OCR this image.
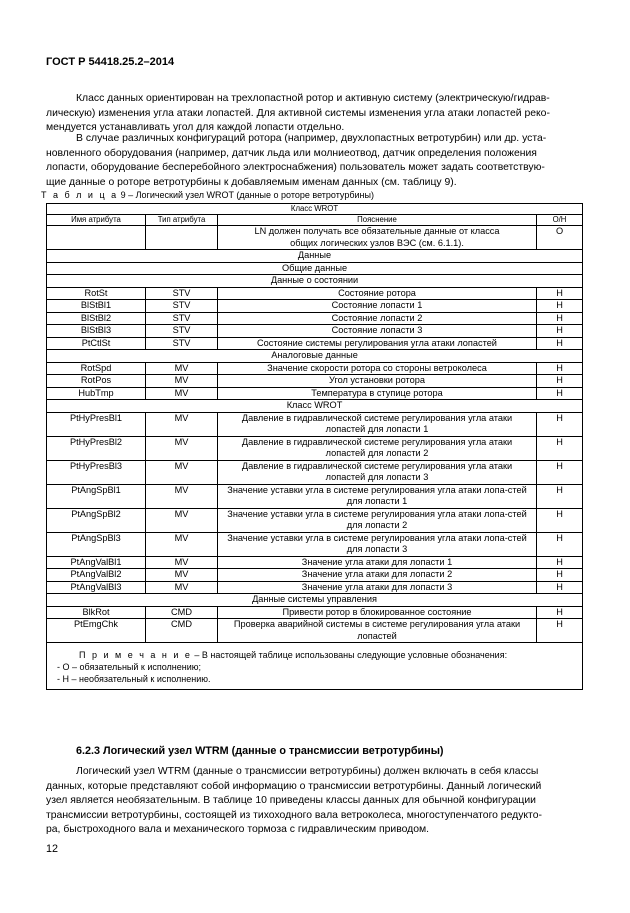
ГОСТ Р 54418.25.2–2014
Класс данных ориентирован на трехлопастной ротор и активную систему (электрическую/гидрав-
лическую) изменения угла атаки лопастей. Для активной системы изменения угла атаки лопастей реко-
мендуется устанавливать угол для каждой лопасти отдельно.
В случае различных конфигураций ротора (например, двухлопастных ветротурбин) или др. уста-
новленного оборудования (например, датчик льда или молниеотвод, датчик определения положения
лопасти, оборудование бесперебойного электроснабжения) пользователь может задать соответствую-
щие данные о роторе ветротурбины к добавляемым именам данных (см. таблицу 9).
Т а б л и ц а 9 – Логический узел WROT (данные о роторе ветротурбины)
Класс WROT			
Имя атрибута	Тип атрибута	Пояснение	О/Н
		LN должен получать все обязательные данные от класса общих логических узлов ВЭС (см. 6.1.1).	О
Данные			
Общие данные			
Данные о состоянии			
RotSt	STV	Состояние ротора	Н
BlStBl1	STV	Состояние лопасти 1	Н
BlStBl2	STV	Состояние лопасти 2	Н
BlStBl3	STV	Состояние лопасти 3	Н
PtCtlSt	STV	Состояние системы регулирования угла атаки лопастей	Н
Аналоговые данные			
RotSpd	MV	Значение скорости ротора со стороны ветроколеса	Н
RotPos	MV	Угол установки ротора	Н
HubTmp	MV	Температура в ступице ротора	Н
Класс WROT			
PtHyPresBl1	MV	Давление в гидравлической системе регулирования угла атаки лопастей для лопасти 1	Н
PtHyPresBl2	MV	Давление в гидравлической системе регулирования угла атаки лопастей для лопасти 2	Н
PtHyPresBl3	MV	Давление в гидравлической системе регулирования угла атаки лопастей для лопасти 3	Н
PtAngSpBl1	MV	Значение уставки угла в системе регулирования угла атаки лопа-стей для лопасти 1	Н
PtAngSpBl2	MV	Значение уставки угла в системе регулирования угла атаки лопа-стей для лопасти 2	Н
PtAngSpBl3	MV	Значение уставки угла в системе регулирования угла атаки лопа-стей для лопасти 3	Н
PtAngValBl1	MV	Значение угла атаки для лопасти 1	Н
PtAngValBl2	MV	Значение угла атаки для лопасти 2	Н
PtAngValBl3	MV	Значение угла атаки для лопасти 3	Н
Данные системы управления			
BlkRot	CMD	Привести ротор в блокированное состояние	Н
PtEmgChk	CMD	Проверка аварийной системы в системе регулирования угла атаки лопастей	Н

П р и м е ч а н и е – В настоящей таблице использованы следующие условные обозначения:
- О – обязательный к исполнению;
- Н – необязательный к исполнению.			
6.2.3 Логический узел WTRM (данные о трансмиссии ветротурбины)
Логический узел WTRM (данные о трансмиссии ветротурбины) должен включать в себя классы
данных, которые представляют собой информацию о трансмиссии ветротурбины. Данный логический
узел является необязательным. В таблице 10 приведены классы данных для обычной конфигурации
трансмиссии ветротурбины, состоящей из тихоходного вала ветроколеса, многоступенчатого редукто-
ра, быстроходного вала и механического тормоза с гидравлическим приводом.
12
